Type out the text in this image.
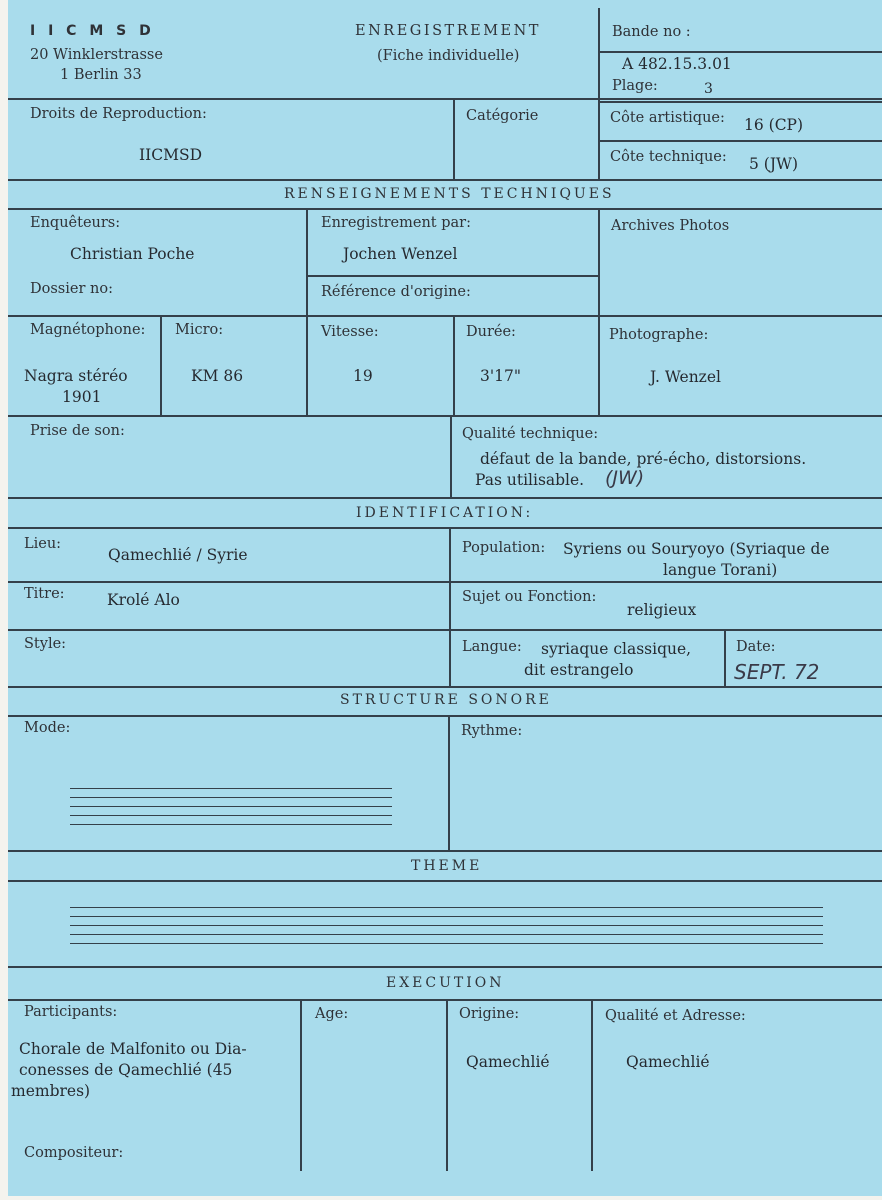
I I C M S D
20 Winklerstrasse
1 Berlin 33
ENREGISTREMENT
(Fiche individuelle)
Bande no :
A 482.15.3.01
Plage:	3
Droits de Reproduction:
IICMSD
Catégorie	Côte artistique: 16 (CP)
Côte technique: 5 (JW)
RENSEIGNEMENTS TECHNIQUES
Enquêteurs:
Christian Poche
Enregistrement par:
Jochen Wenzel
Archives Photos
Dossier no:	Référence d'origine:
Magnétophone:
Nagra stéréo
1901
Micro:
KM 86
Vitesse:
19
Durée:
3'17"
Photographe:
J. Wenzel
Prise de son:	Qualité technique:
défaut de la bande, pré-écho, distorsions.
Pas utilisable. (JW)
IDENTIFICATION:
Lieu:
Qamechlié / Syrie	Population: Syriens ou Souryoyo (Syriaque de
langue Torani)
Titre:	Krolé Alo	Sujet ou Fonction:
religieux
Style:	Langue: syriaque classique,
dit estrangelo
Date:
SEPT. 72
STRUCTURE SONORE
Mode:	Rythme:
THEME
EXECUTION
Participants:
Chorale de Malfonito ou Dia-
conesses de Qamechlié (45
membres)
Age:	Origine:
Qamechlié
Qualité et Adresse:
Qamechlié
Compositeur:
